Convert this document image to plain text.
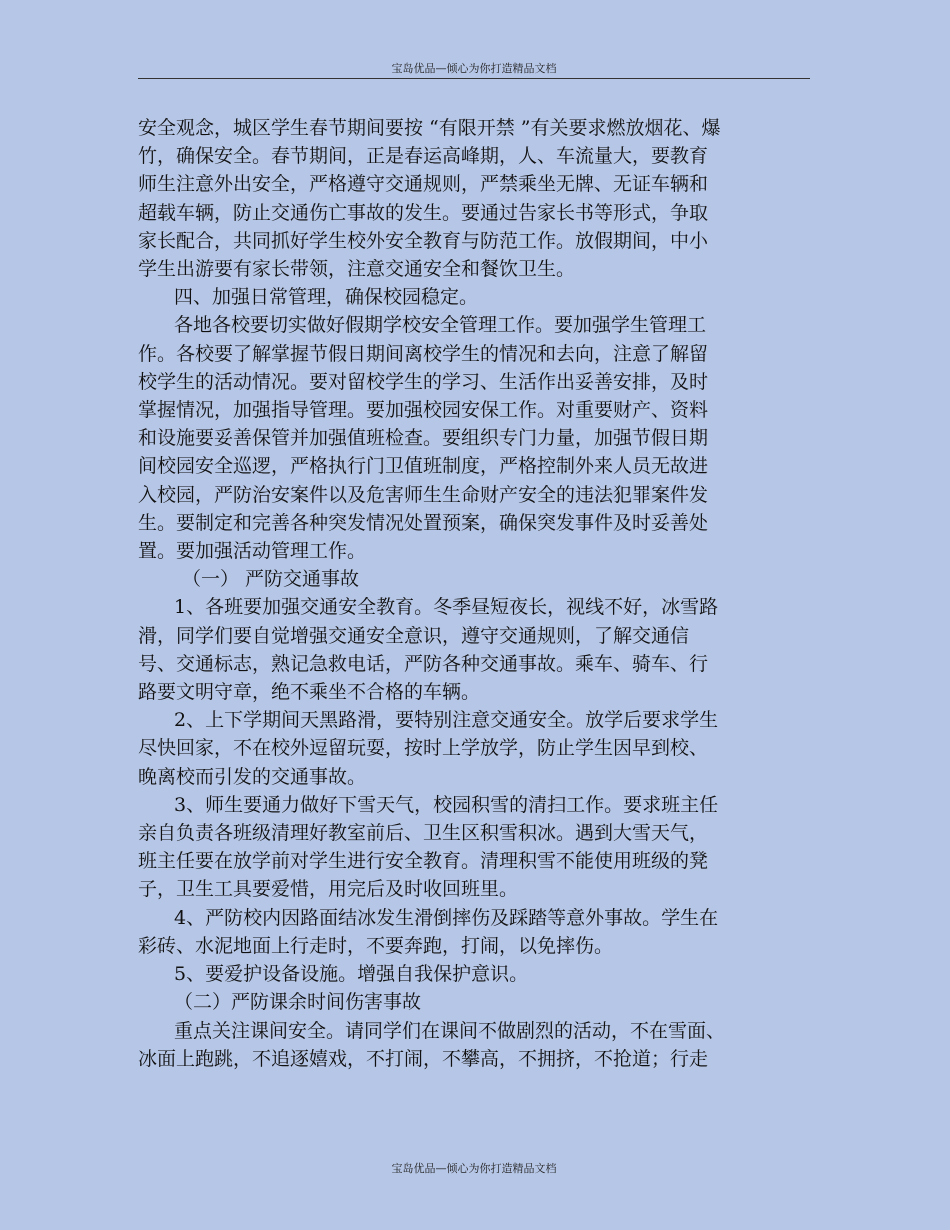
宝岛优品—倾心为你打造精品文档

安全观念，城区学生春节期间要按 “有限开禁 ”有关要求燃放烟花、爆

竹，确保安全。春节期间，正是春运高峰期，人、车流量大，要教育

师生注意外出安全，严格遵守交通规则，严禁乘坐无牌、无证车辆和

超载车辆，防止交通伤亡事故的发生。要通过告家长书等形式，争取

家长配合，共同抓好学生校外安全教育与防范工作。放假期间，中小

学生出游要有家长带领，注意交通安全和餐饮卫生。

四、加强日常管理，确保校园稳定。

各地各校要切实做好假期学校安全管理工作。要加强学生管理工

作。各校要了解掌握节假日期间离校学生的情况和去向，注意了解留

校学生的活动情况。要对留校学生的学习、生活作出妥善安排，及时

掌握情况，加强指导管理。要加强校园安保工作。对重要财产、资料

和设施要妥善保管并加强值班检查。要组织专门力量，加强节假日期

间校园安全巡逻，严格执行门卫值班制度，严格控制外来人员无故进

入校园，严防治安案件以及危害师生生命财产安全的违法犯罪案件发

生。要制定和完善各种突发情况处置预案，确保突发事件及时妥善处

置。要加强活动管理工作。

（一） 严防交通事故

1、各班要加强交通安全教育。冬季昼短夜长，视线不好，冰雪路

滑，同学们要自觉增强交通安全意识，遵守交通规则，了解交通信

号、交通标志，熟记急救电话，严防各种交通事故。乘车、骑车、行

路要文明守章，绝不乘坐不合格的车辆。

2、上下学期间天黑路滑，要特别注意交通安全。放学后要求学生

尽快回家，不在校外逗留玩耍，按时上学放学，防止学生因早到校、

晚离校而引发的交通事故。

3、师生要通力做好下雪天气，校园积雪的清扫工作。要求班主任

亲自负责各班级清理好教室前后、卫生区积雪积冰。遇到大雪天气，

班主任要在放学前对学生进行安全教育。清理积雪不能使用班级的凳

子，卫生工具要爱惜，用完后及时收回班里。

4、严防校内因路面结冰发生滑倒摔伤及踩踏等意外事故。学生在

彩砖、水泥地面上行走时，不要奔跑，打闹，以免摔伤。

5、要爱护设备设施。增强自我保护意识。

（二）严防课余时间伤害事故

重点关注课间安全。请同学们在课间不做剧烈的活动，不在雪面、

冰面上跑跳，不追逐嬉戏，不打闹，不攀高，不拥挤，不抢道；行走

宝岛优品—倾心为你打造精品文档
